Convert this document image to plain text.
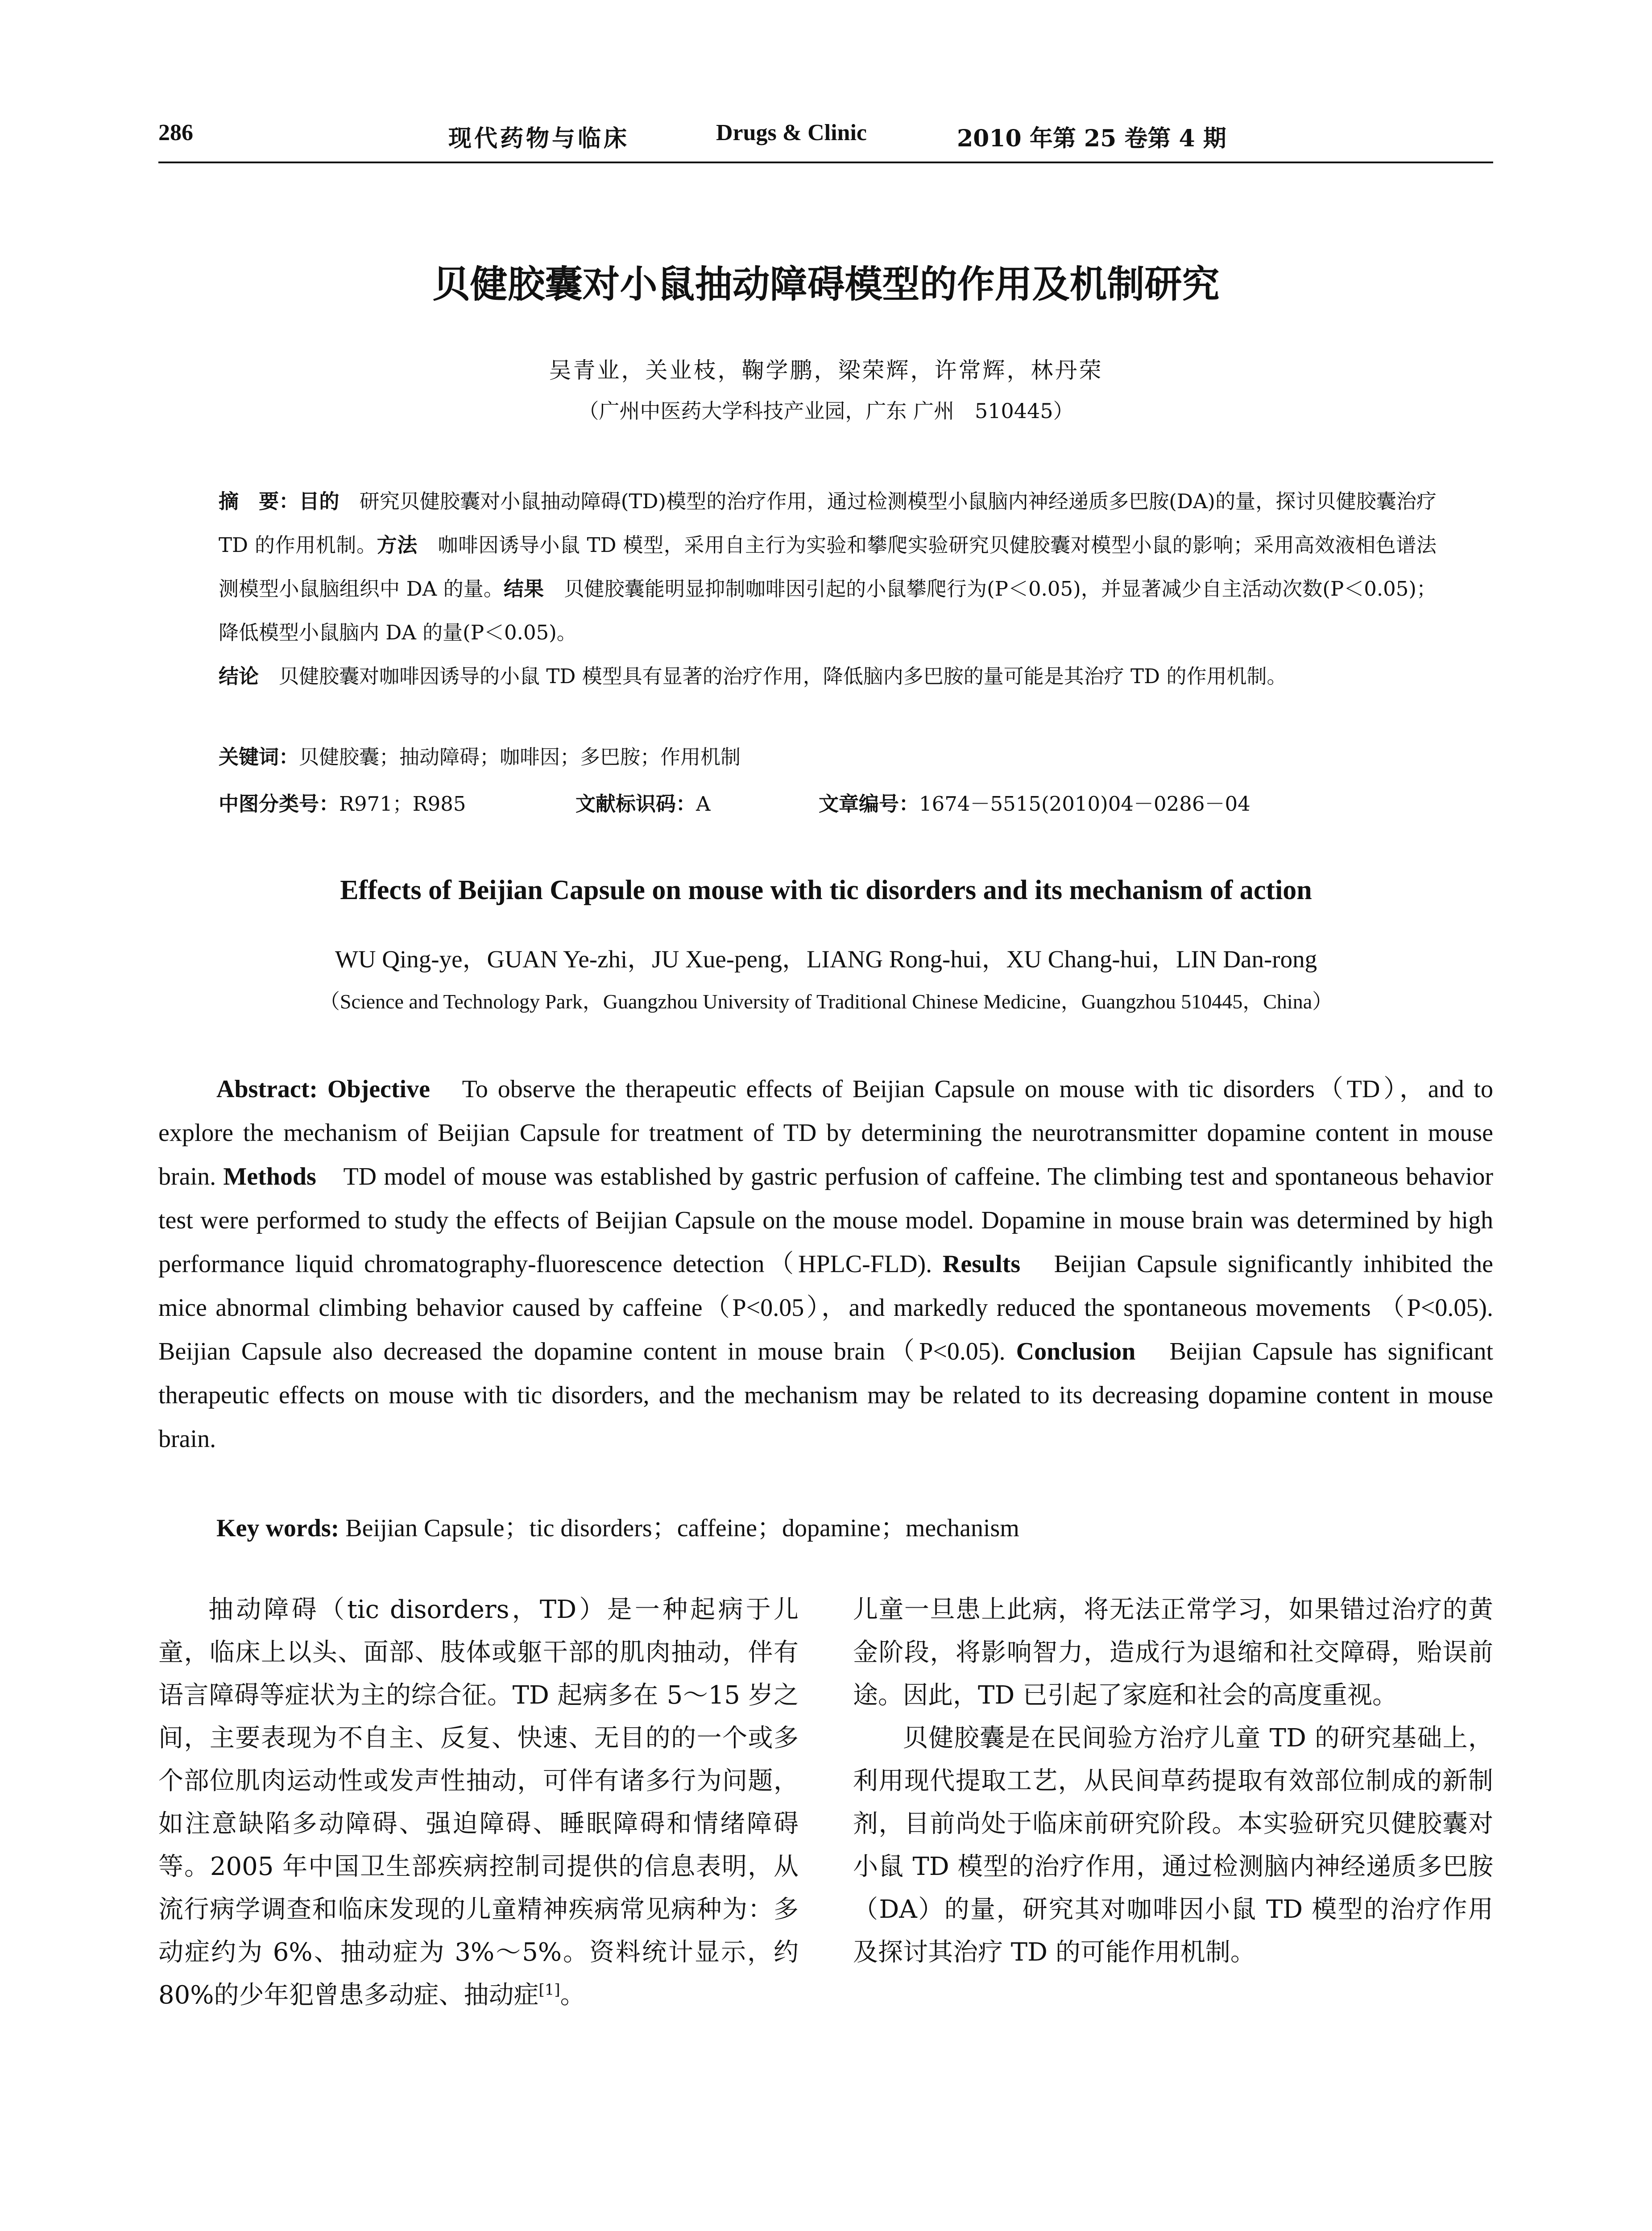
286	现代药物与临床	Drugs & Clinic	2010 年第 25 卷第 4 期
贝健胶囊对小鼠抽动障碍模型的作用及机制研究
吴青业，关业枝，鞠学鹏，梁荣辉，许常辉，林丹荣
（广州中医药大学科技产业园，广东 广州　510445）
摘　要：目的　 研究贝健胶囊对小鼠抽动障碍(TD)模型的治疗作用，通过检测模型小鼠脑内神经递质多巴胺(DA)的量，探讨贝健胶囊治疗 TD 的作用机制。方法　 咖啡因诱导小鼠 TD 模型，采用自主行为实验和攀爬实验研究贝健胶囊对模型小鼠的影响；采用高效液相色谱法测模型小鼠脑组织中 DA 的量。结果　 贝健胶囊能明显抑制咖啡因引起的小鼠攀爬行为(P＜0.05)，并显著减少自主活动次数(P＜0.05)；降低模型小鼠脑内 DA 的量(P＜0.05)。
结论　 贝健胶囊对咖啡因诱导的小鼠 TD 模型具有显著的治疗作用，降低脑内多巴胺的量可能是其治疗 TD 的作用机制。
关键词：贝健胶囊；抽动障碍；咖啡因；多巴胺；作用机制
中图分类号：R971；R985	文献标识码：A	文章编号：1674－5515(2010)04－0286－04
Effects of Beijian Capsule on mouse with tic disorders and its mechanism of action
WU Qing-ye，GUAN Ye-zhi，JU Xue-peng，LIANG Rong-hui，XU Chang-hui，LIN Dan-rong
（Science and Technology Park，Guangzhou University of Traditional Chinese Medicine，Guangzhou 510445，China）
Abstract: Objective　 To observe the therapeutic effects of Beijian Capsule on mouse with tic disorders（TD），and to explore the mechanism of Beijian Capsule for treatment of TD by determining the neurotransmitter dopamine content in mouse brain. Methods　 TD model of mouse was established by gastric perfusion of caffeine. The climbing test and spontaneous behavior test were performed to study the effects of Beijian Capsule on the mouse model. Dopamine in mouse brain was determined by high performance liquid chromatography-fluorescence detection（HPLC-FLD). Results　 Beijian Capsule significantly inhibited the mice abnormal climbing behavior caused by caffeine（P<0.05），and markedly reduced the spontaneous movements （P<0.05). Beijian Capsule also decreased the dopamine content in mouse brain（P<0.05). Conclusion　 Beijian Capsule has significant therapeutic effects on mouse with tic disorders, and the mechanism may be related to its decreasing dopamine content in mouse brain.
Key words: Beijian Capsule；tic disorders；caffeine；dopamine；mechanism

抽动障碍（tic disorders，TD）是一种起病于儿童，临床上以头、面部、肢体或躯干部的肌肉抽动，伴有语言障碍等症状为主的综合征。TD 起病多在 5～15 岁之间，主要表现为不自主、反复、快速、无目的的一个或多个部位肌肉运动性或发声性抽动，可伴有诸多行为问题，如注意缺陷多动障碍、强迫障碍、睡眠障碍和情绪障碍等。2005 年中国卫生部疾病控制司提供的信息表明，从流行病学调查和临床发现的儿童精神疾病常见病种为：多动症约为 6%、抽动症为 3%～5%。资料统计显示，约 80%的少年犯曾患多动症、抽动症[1]。

儿童一旦患上此病，将无法正常学习，如果错过治疗的黄金阶段，将影响智力，造成行为退缩和社交障碍，贻误前途。因此，TD 已引起了家庭和社会的高度重视。

贝健胶囊是在民间验方治疗儿童 TD 的研究基础上，利用现代提取工艺，从民间草药提取有效部位制成的新制剂，目前尚处于临床前研究阶段。本实验研究贝健胶囊对小鼠 TD 模型的治疗作用，通过检测脑内神经递质多巴胺（DA）的量，研究其对咖啡因小鼠 TD 模型的治疗作用及探讨其治疗 TD 的可能作用机制。
